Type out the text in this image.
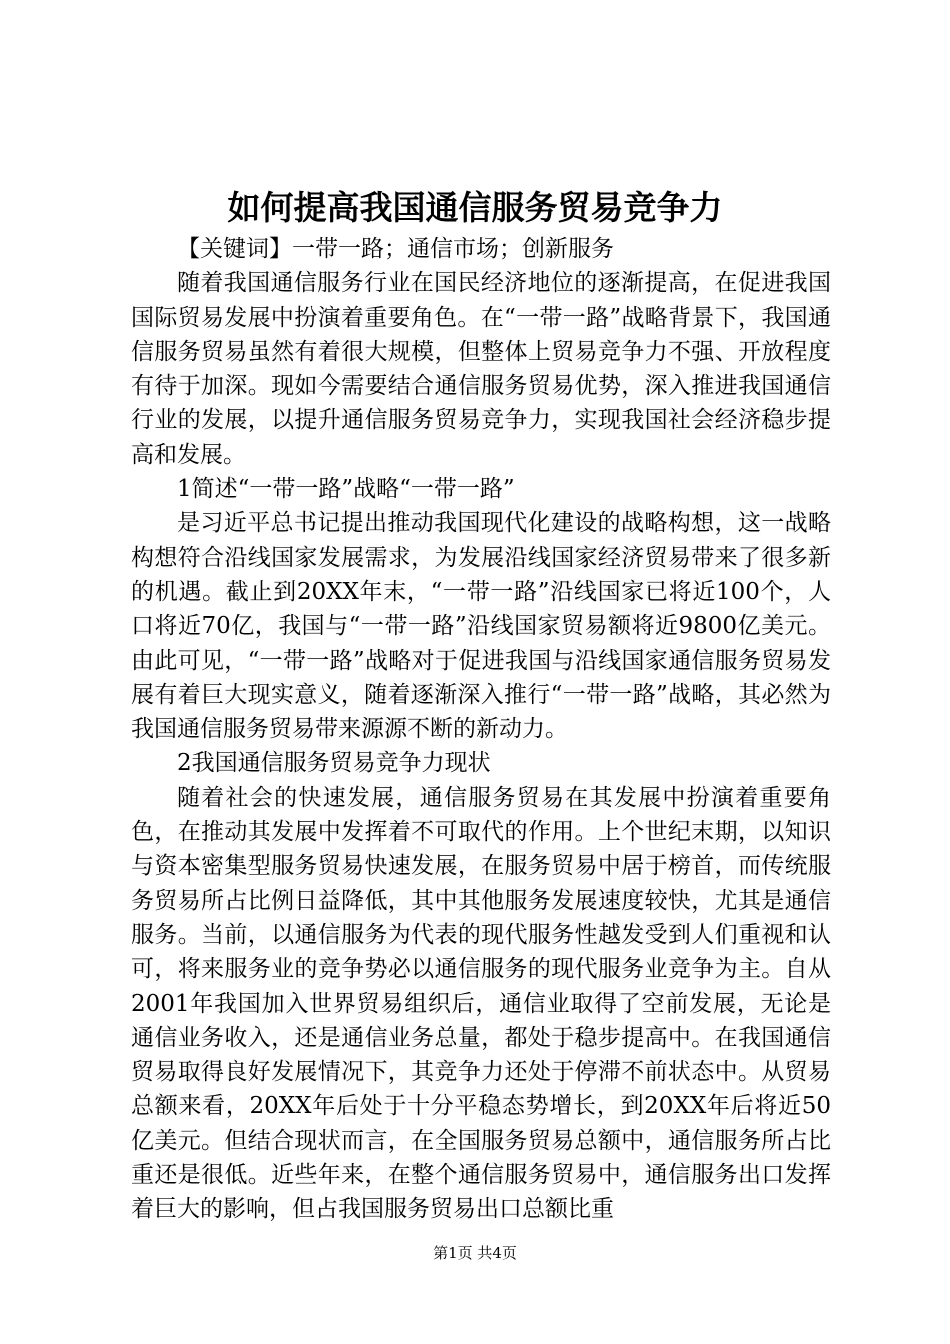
如何提高我国通信服务贸易竞争力

【关键词】一带一路；通信市场；创新服务

随着我国通信服务行业在国民经济地位的逐渐提高，在促进我国国际贸易发展中扮演着重要角色。在“一带一路”战略背景下，我国通信服务贸易虽然有着很大规模，但整体上贸易竞争力不强、开放程度有待于加深。现如今需要结合通信服务贸易优势，深入推进我国通信行业的发展，以提升通信服务贸易竞争力，实现我国社会经济稳步提高和发展。

1简述“一带一路”战略“一带一路”

是习近平总书记提出推动我国现代化建设的战略构想，这一战略构想符合沿线国家发展需求，为发展沿线国家经济贸易带来了很多新的机遇。截止到20XX年末，“一带一路”沿线国家已将近100个，人口将近70亿，我国与“一带一路”沿线国家贸易额将近9800亿美元。由此可见，“一带一路”战略对于促进我国与沿线国家通信服务贸易发展有着巨大现实意义，随着逐渐深入推行“一带一路”战略，其必然为我国通信服务贸易带来源源不断的新动力。

2我国通信服务贸易竞争力现状

随着社会的快速发展，通信服务贸易在其发展中扮演着重要角色，在推动其发展中发挥着不可取代的作用。上个世纪末期，以知识与资本密集型服务贸易快速发展，在服务贸易中居于榜首，而传统服务贸易所占比例日益降低，其中其他服务发展速度较快，尤其是通信服务。当前，以通信服务为代表的现代服务性越发受到人们重视和认可，将来服务业的竞争势必以通信服务的现代服务业竞争为主。自从2001年我国加入世界贸易组织后，通信业取得了空前发展，无论是通信业务收入，还是通信业务总量，都处于稳步提高中。在我国通信贸易取得良好发展情况下，其竞争力还处于停滞不前状态中。从贸易总额来看，20XX年后处于十分平稳态势增长，到20XX年后将近50亿美元。但结合现状而言，在全国服务贸易总额中，通信服务所占比重还是很低。近些年来，在整个通信服务贸易中，通信服务出口发挥着巨大的影响，但占我国服务贸易出口总额比重

第1页 共4页
